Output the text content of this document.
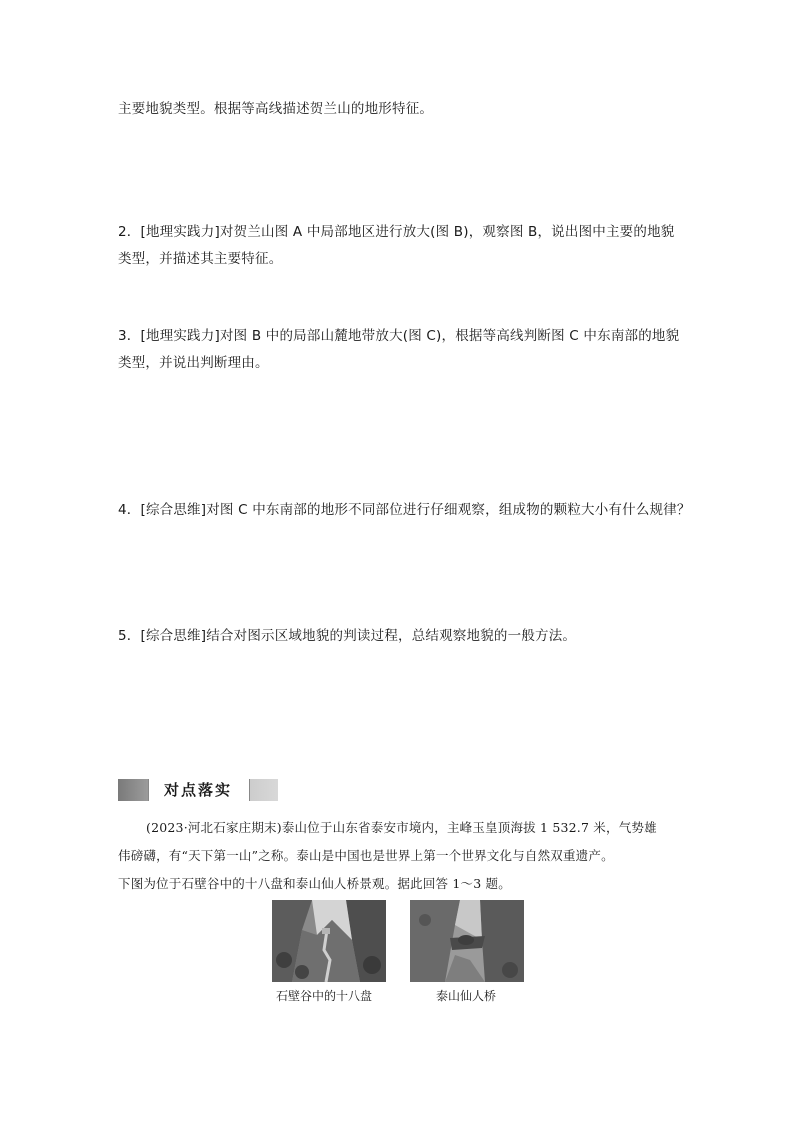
主要地貌类型。根据等高线描述贺兰山的地形特征。
2．[地理实践力]对贺兰山图 A 中局部地区进行放大(图 B)，观察图 B，说出图中主要的地貌
类型，并描述其主要特征。
3．[地理实践力]对图 B 中的局部山麓地带放大(图 C)，根据等高线判断图 C 中东南部的地貌
类型，并说出判断理由。
4．[综合思维]对图 C 中东南部的地形不同部位进行仔细观察，组成物的颗粒大小有什么规律？
5．[综合思维]结合对图示区域地貌的判读过程，总结观察地貌的一般方法。
对点落实
(2023·河北石家庄期末)泰山位于山东省泰安市境内，主峰玉皇顶海拔 1 532.7 米，气势雄
伟磅礴，有“天下第一山”之称。泰山是中国也是世界上第一个世界文化与自然双重遗产。
下图为位于石壁谷中的十八盘和泰山仙人桥景观。据此回答 1～3 题。
石壁谷中的十八盘	泰山仙人桥
